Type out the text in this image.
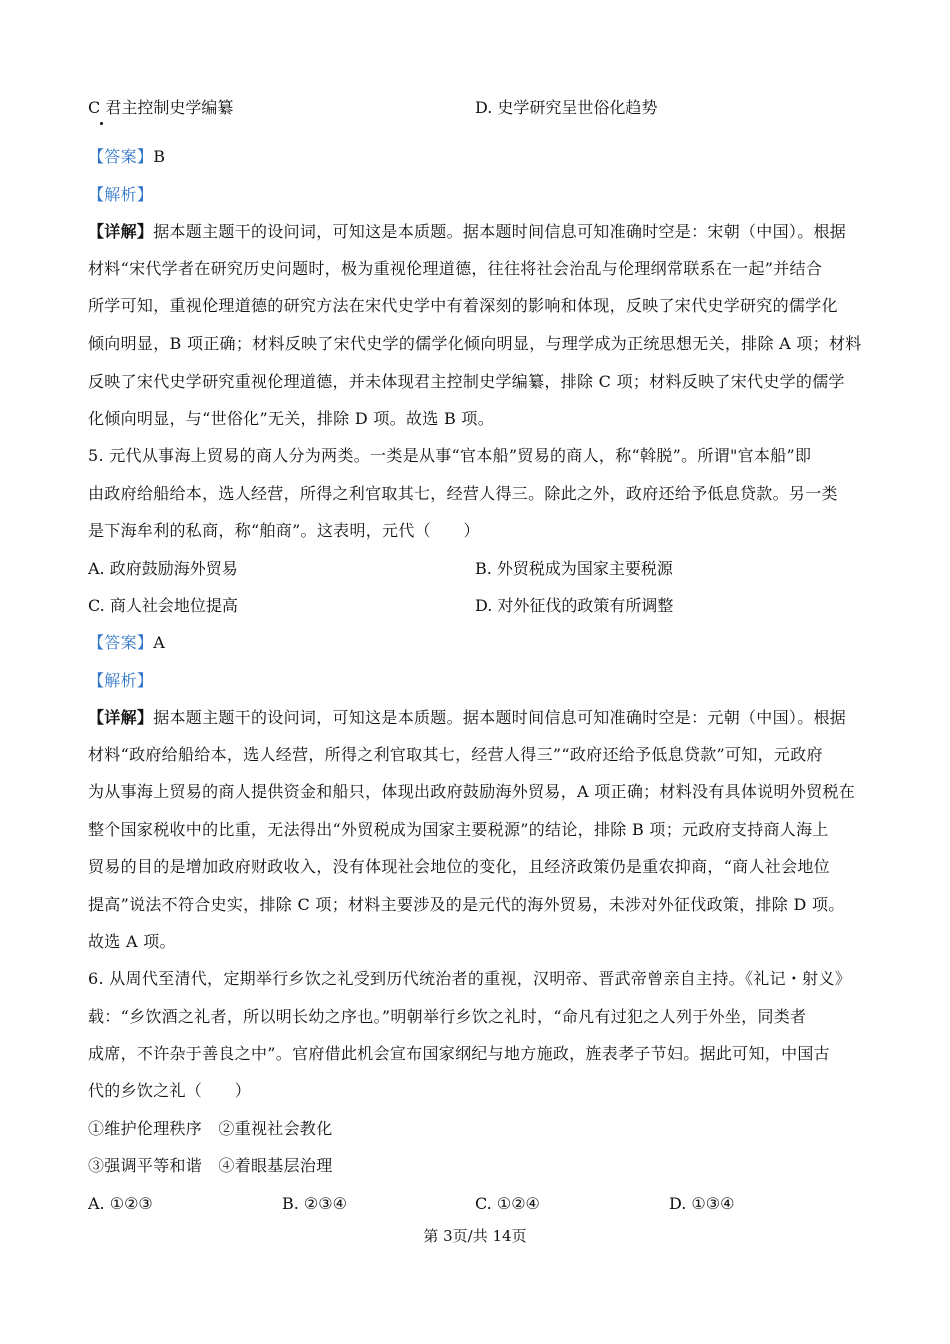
C 君主控制史学编纂	D. 史学研究呈世俗化趋势
【答案】B
【解析】
【详解】据本题主题干的设问词，可知这是本质题。据本题时间信息可知准确时空是：宋朝（中国）。根据
材料“宋代学者在研究历史问题时，极为重视伦理道德，往往将社会治乱与伦理纲常联系在一起”并结合
所学可知，重视伦理道德的研究方法在宋代史学中有着深刻的影响和体现，反映了宋代史学研究的儒学化
倾向明显，B 项正确；材料反映了宋代史学的儒学化倾向明显，与理学成为正统思想无关，排除 A 项；材料
反映了宋代史学研究重视伦理道德，并未体现君主控制史学编纂，排除 C 项；材料反映了宋代史学的儒学
化倾向明显，与“世俗化”无关，排除 D 项。故选 B 项。
5. 元代从事海上贸易的商人分为两类。一类是从事“官本船”贸易的商人，称“斡脱”。所谓"官本船”即
由政府给船给本，选人经营，所得之利官取其七，经营人得三。除此之外，政府还给予低息贷款。另一类
是下海牟利的私商，称“舶商”。这表明，元代（　　）
A. 政府鼓励海外贸易	B. 外贸税成为国家主要税源
C. 商人社会地位提高	D. 对外征伐的政策有所调整
【答案】A
【解析】
【详解】据本题主题干的设问词，可知这是本质题。据本题时间信息可知准确时空是：元朝（中国）。根据
材料“政府给船给本，选人经营，所得之利官取其七，经营人得三”“政府还给予低息贷款”可知，元政府
为从事海上贸易的商人提供资金和船只，体现出政府鼓励海外贸易，A 项正确；材料没有具体说明外贸税在
整个国家税收中的比重，无法得出“外贸税成为国家主要税源”的结论，排除 B 项；元政府支持商人海上
贸易的目的是增加政府财政收入，没有体现社会地位的变化，且经济政策仍是重农抑商，“商人社会地位
提高”说法不符合史实，排除 C 项；材料主要涉及的是元代的海外贸易，未涉对外征伐政策，排除 D 项。
故选 A 项。
6. 从周代至清代，定期举行乡饮之礼受到历代统治者的重视，汉明帝、晋武帝曾亲自主持。《礼记・射义》
载：“乡饮酒之礼者，所以明长幼之序也。”明朝举行乡饮之礼时，“命凡有过犯之人列于外坐，同类者
成席，不许杂于善良之中”。官府借此机会宣布国家纲纪与地方施政，旌表孝子节妇。据此可知，中国古
代的乡饮之礼（　　）
①维护伦理秩序　②重视社会教化
③强调平等和谐　④着眼基层治理
A. ①②③	B. ②③④	C. ①②④	D. ①③④
第 3页/共 14页
